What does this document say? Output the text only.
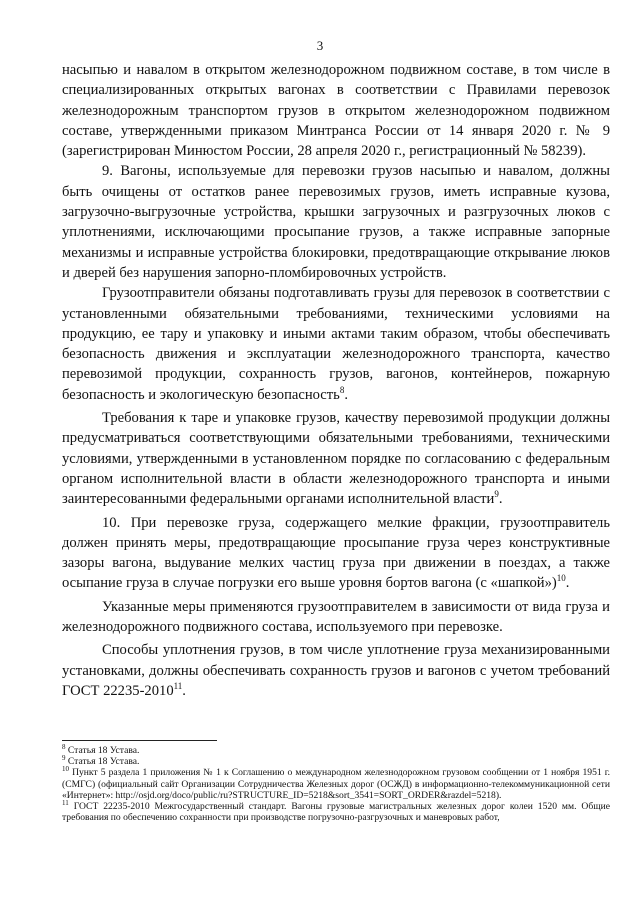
3

насыпью и навалом в открытом железнодорожном подвижном составе, в том числе в специализированных открытых вагонах в соответствии с Правилами перевозок железнодорожным транспортом грузов в открытом железнодорожном подвижном составе, утвержденными приказом Минтранса России от 14 января 2020 г. № 9 (зарегистрирован Минюстом России, 28 апреля 2020 г., регистрационный № 58239).

9. Вагоны, используемые для перевозки грузов насыпью и навалом, должны быть очищены от остатков ранее перевозимых грузов, иметь исправные кузова, загрузочно-выгрузочные устройства, крышки загрузочных и разгрузочных люков с уплотнениями, исключающими просыпание грузов, а также исправные запорные механизмы и исправные устройства блокировки, предотвращающие открывание люков и дверей без нарушения запорно-пломбировочных устройств.

Грузоотправители обязаны подготавливать грузы для перевозок в соответствии с установленными обязательными требованиями, техническими условиями на продукцию, ее тару и упаковку и иными актами таким образом, чтобы обеспечивать безопасность движения и эксплуатации железнодорожного транспорта, качество перевозимой продукции, сохранность грузов, вагонов, контейнеров, пожарную безопасность и экологическую безопасность$^8$.

Требования к таре и упаковке грузов, качеству перевозимой продукции должны предусматриваться соответствующими обязательными требованиями, техническими условиями, утвержденными в установленном порядке по согласованию с федеральным органом исполнительной власти в области железнодорожного транспорта и иными заинтересованными федеральными органами исполнительной власти$^9$.

10. При перевозке груза, содержащего мелкие фракции, грузоотправитель должен принять меры, предотвращающие просыпание груза через конструктивные зазоры вагона, выдувание мелких частиц груза при движении в поездах, а также осыпание груза в случае погрузки его выше уровня бортов вагона (с «шапкой»)$^{10}$.

Указанные меры применяются грузоотправителем в зависимости от вида груза и железнодорожного подвижного состава, используемого при перевозке.

Способы уплотнения грузов, в том числе уплотнение груза механизированными установками, должны обеспечивать сохранность грузов и вагонов с учетом требований ГОСТ 22235-2010$^{11}$.

$^8$ Статья 18 Устава.

$^9$ Статья 18 Устава.

$^{10}$ Пункт 5 раздела 1 приложения № 1 к Соглашению о международном железнодорожном грузовом сообщении от 1 ноября 1951 г. (СМГС) (официальный сайт Организации Сотрудничества Железных дорог (ОСЖД) в информационно-телекоммуникационной сети «Интернет»: http://osjd.org/doco/public/ru?STRUCTURE_ID=5218&sort_3541=SORT_ORDER&razdel=5218).

$^{11}$ ГОСТ 22235-2010 Межгосударственный стандарт. Вагоны грузовые магистральных железных дорог колеи 1520 мм. Общие требования по обеспечению сохранности при производстве погрузочно-разгрузочных и маневровых работ,
